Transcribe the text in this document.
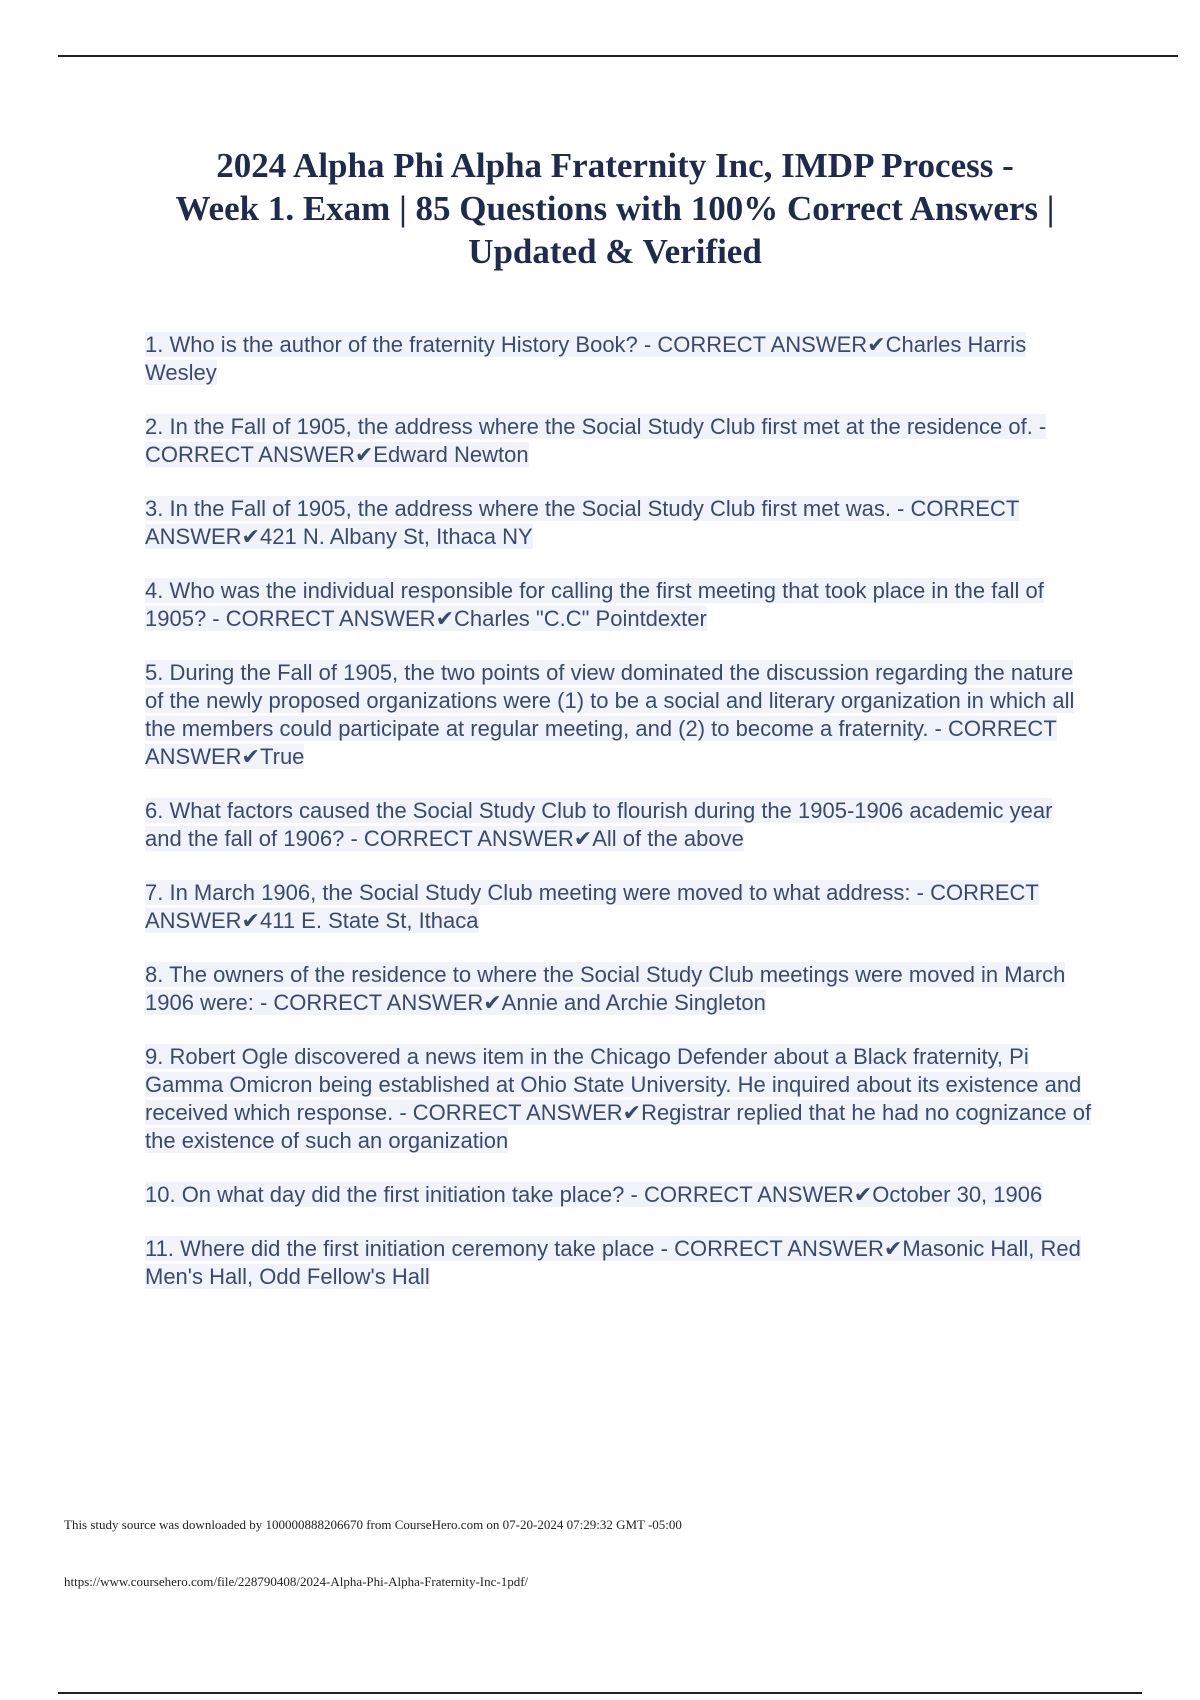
2024 Alpha Phi Alpha Fraternity Inc, IMDP Process -
Week 1. Exam | 85 Questions with 100% Correct Answers |
Updated & Verified

1. Who is the author of the fraternity History Book? - CORRECT ANSWER✔Charles Harris Wesley

2. In the Fall of 1905, the address where the Social Study Club first met at the residence of. - CORRECT ANSWER✔Edward Newton

3. In the Fall of 1905, the address where the Social Study Club first met was. - CORRECT ANSWER✔421 N. Albany St, Ithaca NY

4. Who was the individual responsible for calling the first meeting that took place in the fall of 1905? - CORRECT ANSWER✔Charles "C.C" Pointdexter

5. During the Fall of 1905, the two points of view dominated the discussion regarding the nature of the newly proposed organizations were (1) to be a social and literary organization in which all the members could participate at regular meeting, and (2) to become a fraternity. - CORRECT ANSWER✔True

6. What factors caused the Social Study Club to flourish during the 1905-1906 academic year and the fall of 1906? - CORRECT ANSWER✔All of the above

7. In March 1906, the Social Study Club meeting were moved to what address: - CORRECT ANSWER✔411 E. State St, Ithaca

8. The owners of the residence to where the Social Study Club meetings were moved in March 1906 were: - CORRECT ANSWER✔Annie and Archie Singleton

9. Robert Ogle discovered a news item in the Chicago Defender about a Black fraternity, Pi Gamma Omicron being established at Ohio State University. He inquired about its existence and received which response. - CORRECT ANSWER✔Registrar replied that he had no cognizance of the existence of such an organization

10. On what day did the first initiation take place? - CORRECT ANSWER✔October 30, 1906

11. Where did the first initiation ceremony take place - CORRECT ANSWER✔Masonic Hall, Red Men's Hall, Odd Fellow's Hall

This study source was downloaded by 100000888206670 from CourseHero.com on 07-20-2024 07:29:32 GMT -05:00
https://www.coursehero.com/file/228790408/2024-Alpha-Phi-Alpha-Fraternity-Inc-1pdf/
